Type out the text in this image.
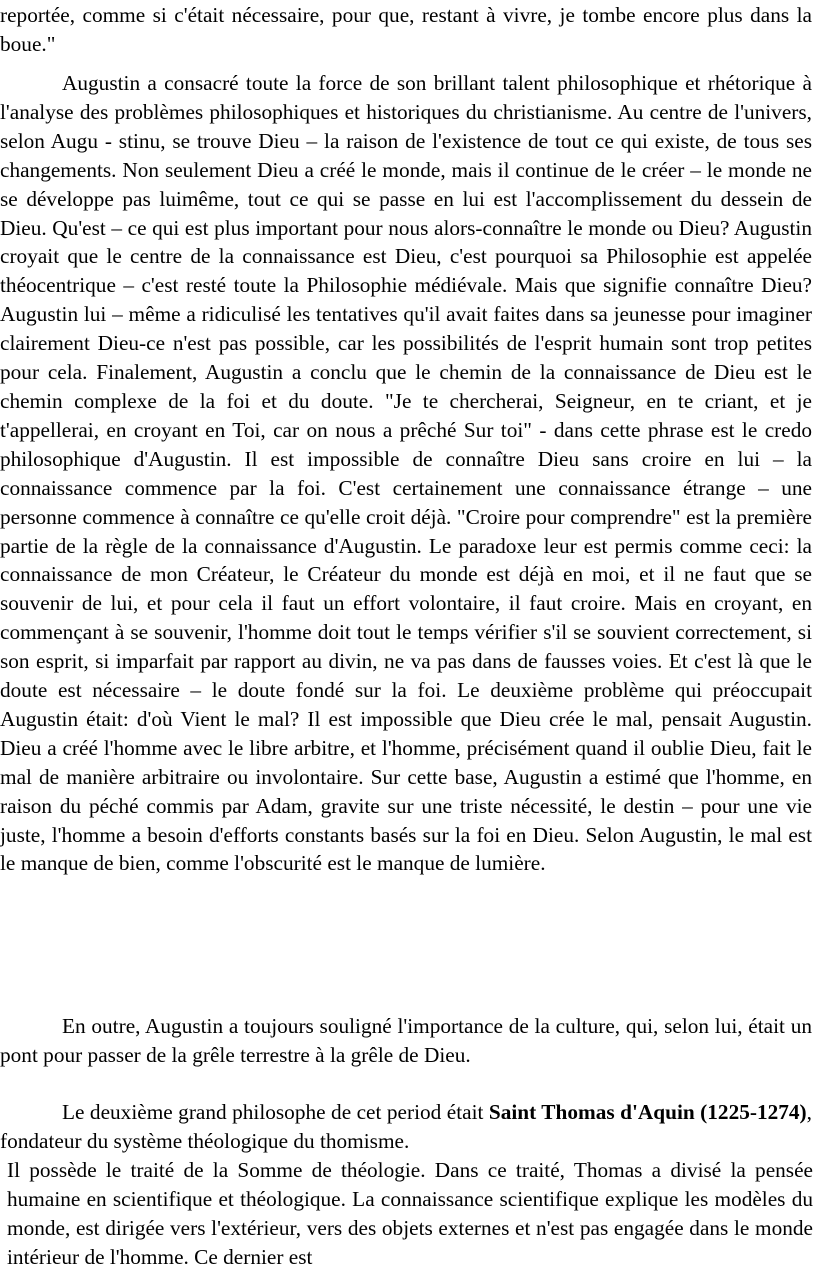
reportée, comme si c'était nécessaire, pour que, restant à vivre, je tombe encore plus dans la boue."

Augustin a consacré toute la force de son brillant talent philosophique et rhétorique à l'analyse des problèmes philosophiques et historiques du christianisme. Au centre de l'univers, selon Augu - stinu, se trouve Dieu – la raison de l'existence de tout ce qui existe, de tous ses changements. Non seulement Dieu a créé le monde, mais il continue de le créer – le monde ne se développe pas luimême, tout ce qui se passe en lui est l'accomplissement du dessein de Dieu. Qu'est – ce qui est plus important pour nous alors-connaître le monde ou Dieu? Augustin croyait que le centre de la connaissance est Dieu, c'est pourquoi sa Philosophie est appelée théocentrique – c'est resté toute la Philosophie médiévale. Mais que signifie connaître Dieu? Augustin lui – même a ridiculisé les tentatives qu'il avait faites dans sa jeunesse pour imaginer clairement Dieu-ce n'est pas possible, car les possibilités de l'esprit humain sont trop petites pour cela. Finalement, Augustin a conclu que le chemin de la connaissance de Dieu est le chemin complexe de la foi et du doute. "Je te chercherai, Seigneur, en te criant, et je t'appellerai, en croyant en Toi, car on nous a prêché Sur toi" - dans cette phrase est le credo philosophique d'Augustin. Il est impossible de connaître Dieu sans croire en lui – la connaissance commence par la foi. C'est certainement une connaissance étrange – une personne commence à connaître ce qu'elle croit déjà. "Croire pour comprendre" est la première partie de la règle de la connaissance d'Augustin. Le paradoxe leur est permis comme ceci: la connaissance de mon Créateur, le Créateur du monde est déjà en moi, et il ne faut que se souvenir de lui, et pour cela il faut un effort volontaire, il faut croire. Mais en croyant, en commençant à se souvenir, l'homme doit tout le temps vérifier s'il se souvient correctement, si son esprit, si imparfait par rapport au divin, ne va pas dans de fausses voies. Et c'est là que le doute est nécessaire – le doute fondé sur la foi. Le deuxième problème qui préoccupait Augustin était: d'où Vient le mal? Il est impossible que Dieu crée le mal, pensait Augustin. Dieu a créé l'homme avec le libre arbitre, et l'homme, précisément quand il oublie Dieu, fait le mal de manière arbitraire ou involontaire. Sur cette base, Augustin a estimé que l'homme, en raison du péché commis par Adam, gravite sur une triste nécessité, le destin – pour une vie juste, l'homme a besoin d'efforts constants basés sur la foi en Dieu. Selon Augustin, le mal est le manque de bien, comme l'obscurité est le manque de lumière.

En outre, Augustin a toujours souligné l'importance de la culture, qui, selon lui, était un pont pour passer de la grêle terrestre à la grêle de Dieu.

Le deuxième grand philosophe de cet period était Saint Thomas d'Aquin (1225-1274), fondateur du système théologique du thomisme.

Il possède le traité de la Somme de théologie. Dans ce traité, Thomas a divisé la pensée humaine en scientifique et théologique. La connaissance scientifique explique les modèles du monde, est dirigée vers l'extérieur, vers des objets externes et n'est pas engagée dans le monde intérieur de l'homme. Ce dernier est
